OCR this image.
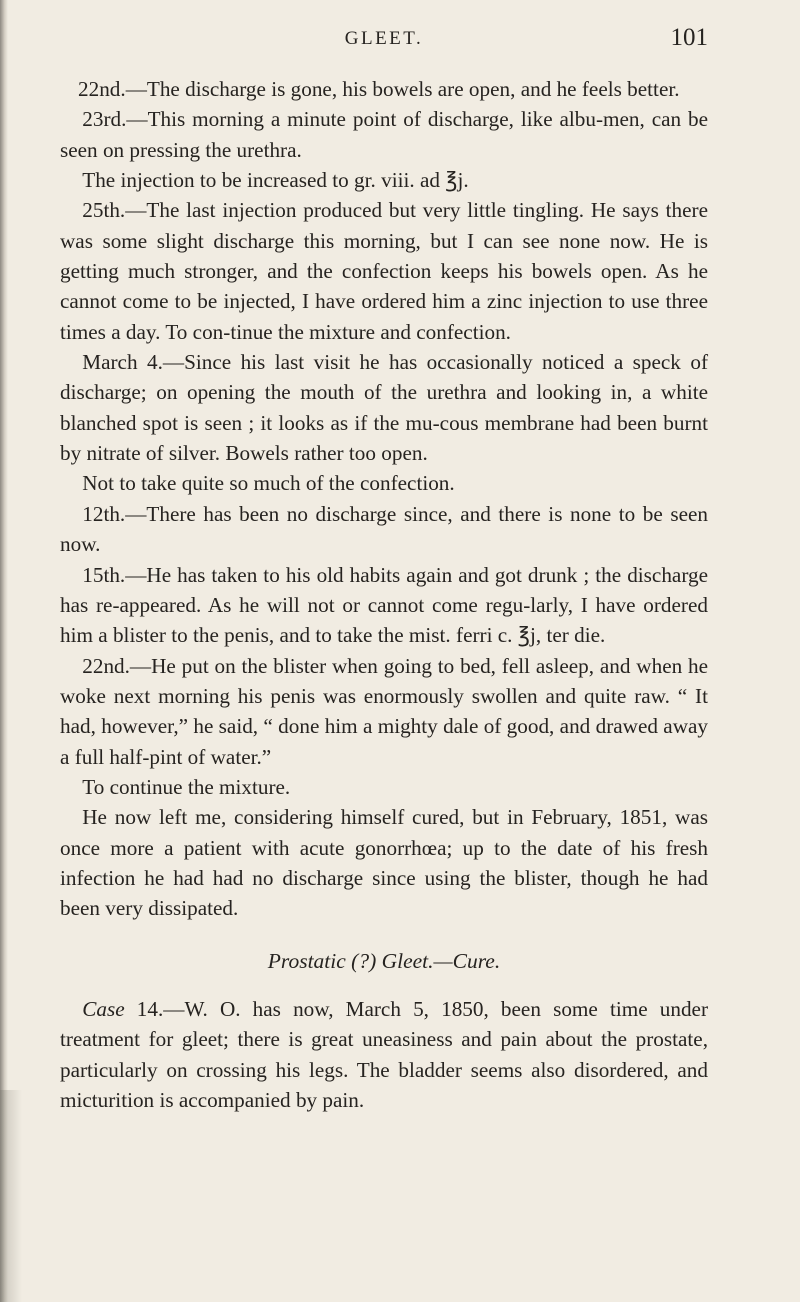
GLEET.	101

22nd.—The discharge is gone, his bowels are open, and he feels better.

23rd.—This morning a minute point of discharge, like albu-men, can be seen on pressing the urethra.

The injection to be increased to gr. viii. ad ℥j.

25th.—The last injection produced but very little tingling. He says there was some slight discharge this morning, but I can see none now. He is getting much stronger, and the confection keeps his bowels open. As he cannot come to be injected, I have ordered him a zinc injection to use three times a day. To con-tinue the mixture and confection.

March 4.—Since his last visit he has occasionally noticed a speck of discharge; on opening the mouth of the urethra and looking in, a white blanched spot is seen ; it looks as if the mu-cous membrane had been burnt by nitrate of silver. Bowels rather too open.

Not to take quite so much of the confection.

12th.—There has been no discharge since, and there is none to be seen now.

15th.—He has taken to his old habits again and got drunk ; the discharge has re-appeared. As he will not or cannot come regu-larly, I have ordered him a blister to the penis, and to take the mist. ferri c. ℥j, ter die.

22nd.—He put on the blister when going to bed, fell asleep, and when he woke next morning his penis was enormously swollen and quite raw. “ It had, however,” he said, “ done him a mighty dale of good, and drawed away a full half-pint of water.”

To continue the mixture.

He now left me, considering himself cured, but in February, 1851, was once more a patient with acute gonorrhœa; up to the date of his fresh infection he had had no discharge since using the blister, though he had been very dissipated.

Prostatic (?) Gleet.—Cure.

Case 14.—W. O. has now, March 5, 1850, been some time under treatment for gleet; there is great uneasiness and pain about the prostate, particularly on crossing his legs. The bladder seems also disordered, and micturition is accompanied by pain.
